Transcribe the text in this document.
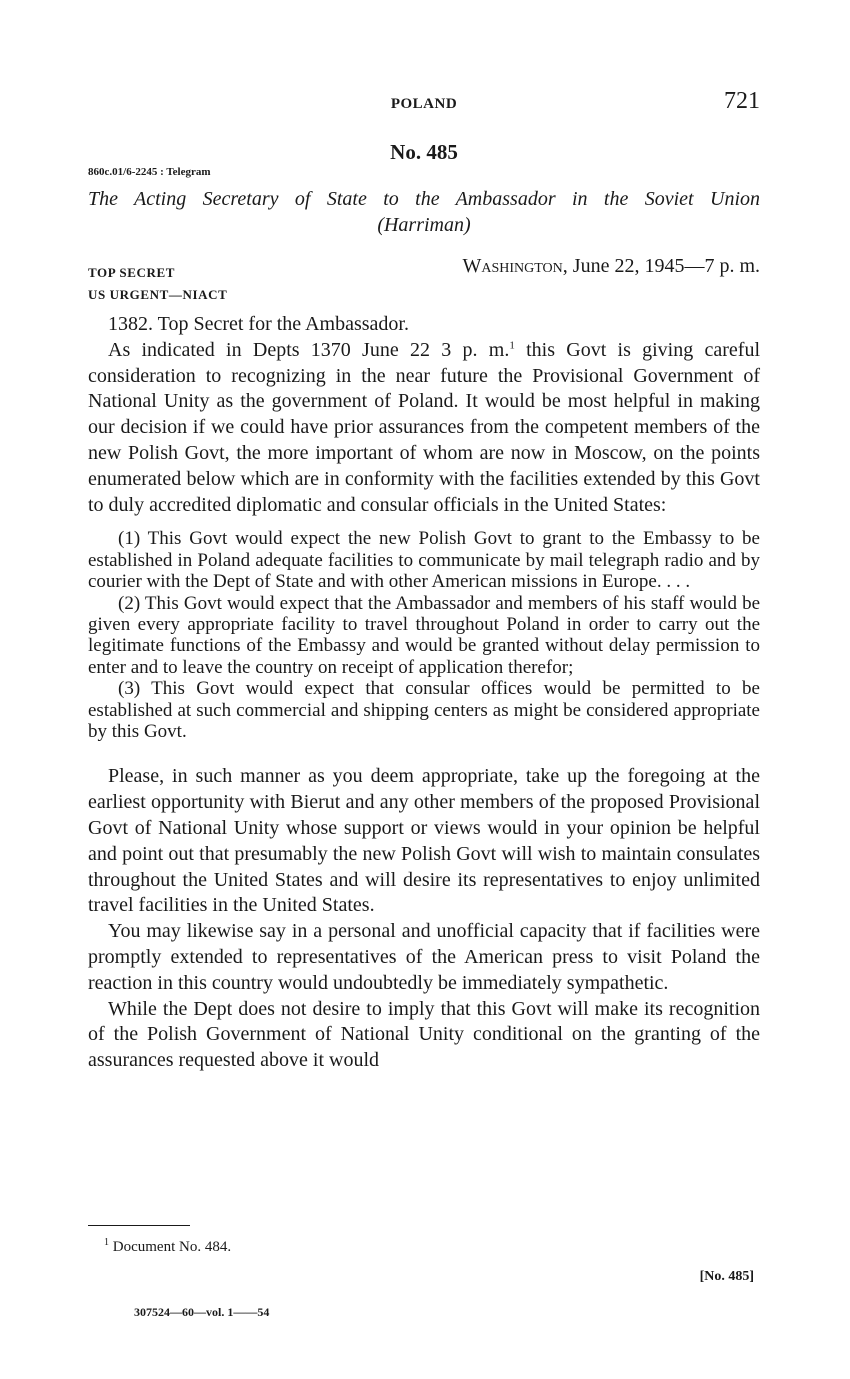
POLAND	721
No. 485
860c.01/6-2245 : Telegram
The Acting Secretary of State to the Ambassador in the Soviet Union
(Harriman)
TOP SECRET
US URGENT—NIACT
Washington, June 22, 1945—7 p. m.

1382. Top Secret for the Ambassador.

As indicated in Depts 1370 June 22 3 p. m.$^1$ this Govt is giving careful consideration to recognizing in the near future the Provisional Government of National Unity as the government of Poland. It would be most helpful in making our decision if we could have prior assurances from the competent members of the new Polish Govt, the more important of whom are now in Moscow, on the points enumerated below which are in conformity with the facilities extended by this Govt to duly accredited diplomatic and consular officials in the United States:

(1) This Govt would expect the new Polish Govt to grant to the Embassy to be established in Poland adequate facilities to communicate by mail telegraph radio and by courier with the Dept of State and with other American missions in Europe. . . .

(2) This Govt would expect that the Ambassador and members of his staff would be given every appropriate facility to travel throughout Poland in order to carry out the legitimate functions of the Embassy and would be granted without delay permission to enter and to leave the country on receipt of application therefor;

(3) This Govt would expect that consular offices would be permitted to be established at such commercial and shipping centers as might be considered appropriate by this Govt.

Please, in such manner as you deem appropriate, take up the foregoing at the earliest opportunity with Bierut and any other members of the proposed Provisional Govt of National Unity whose support or views would in your opinion be helpful and point out that presumably the new Polish Govt will wish to maintain consulates throughout the United States and will desire its representatives to enjoy unlimited travel facilities in the United States.

You may likewise say in a personal and unofficial capacity that if facilities were promptly extended to representatives of the American press to visit Poland the reaction in this country would undoubtedly be immediately sympathetic.

While the Dept does not desire to imply that this Govt will make its recognition of the Polish Government of National Unity conditional on the granting of the assurances requested above it would

$^1$ Document No. 484.
[No. 485]
307524—60—vol. 1——54
